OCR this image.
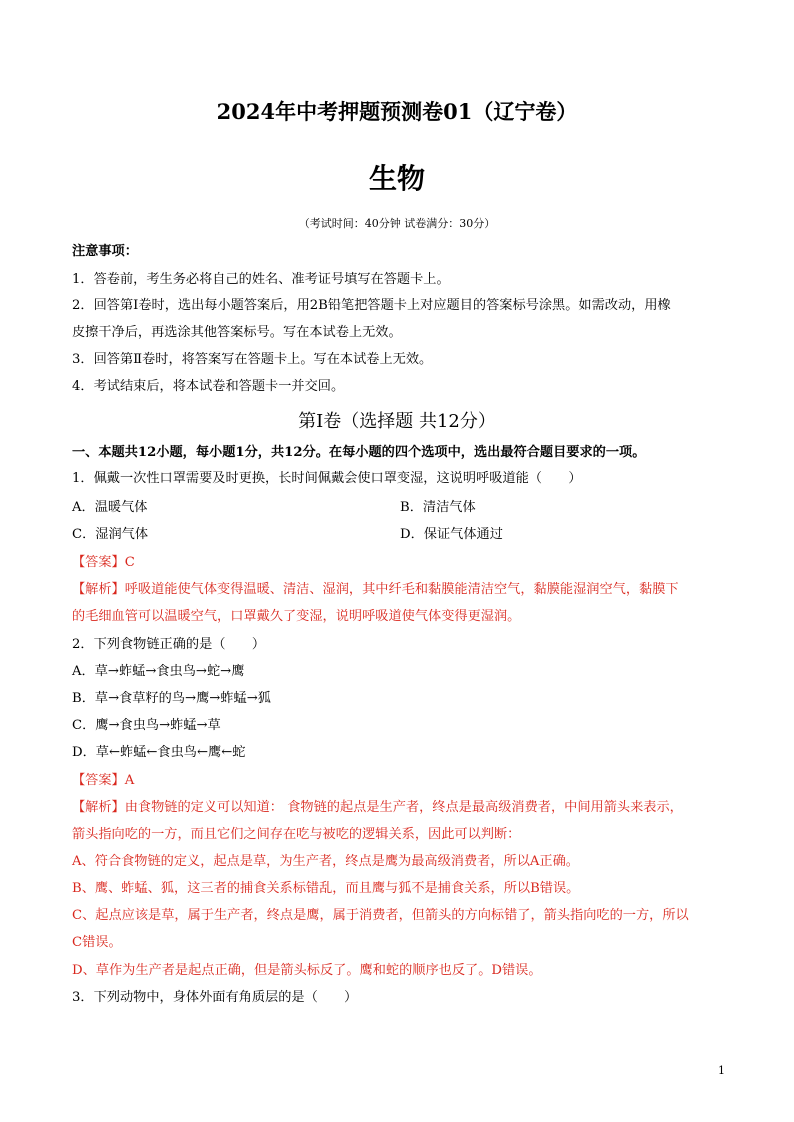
2024年中考押题预测卷01（辽宁卷）
生物
（考试时间：40分钟 试卷满分：30分）
注意事项：
1．答卷前，考生务必将自己的姓名、准考证号填写在答题卡上。
2．回答第Ⅰ卷时，选出每小题答案后，用2B铅笔把答题卡上对应题目的答案标号涂黑。如需改动，用橡
皮擦干净后，再选涂其他答案标号。写在本试卷上无效。
3．回答第Ⅱ卷时，将答案写在答题卡上。写在本试卷上无效。
4．考试结束后，将本试卷和答题卡一并交回。
第Ⅰ卷（选择题 共12分）
一、本题共12小题，每小题1分，共12分。在每小题的四个选项中，选出最符合题目要求的一项。
1．佩戴一次性口罩需要及时更换，长时间佩戴会使口罩变湿，这说明呼吸道能（　　）
A．温暖气体	B．清洁气体
C．湿润气体	D．保证气体通过
【答案】C
【解析】呼吸道能使气体变得温暖、清洁、湿润，其中纤毛和黏膜能清洁空气，黏膜能湿润空气，黏膜下
的毛细血管可以温暖空气，口罩戴久了变湿，说明呼吸道使气体变得更湿润。
2．下列食物链正确的是（　　）
A．草→蚱蜢→食虫鸟→蛇→鹰
B．草→食草籽的鸟→鹰→蚱蜢→狐
C．鹰→食虫鸟→蚱蜢→草
D．草←蚱蜢←食虫鸟←鹰←蛇
【答案】A
【解析】由食物链的定义可以知道： 食物链的起点是生产者，终点是最高级消费者，中间用箭头来表示，
箭头指向吃的一方，而且它们之间存在吃与被吃的逻辑关系，因此可以判断：
A、符合食物链的定义，起点是草，为生产者，终点是鹰为最高级消费者，所以A正确。
B、鹰、蚱蜢、狐，这三者的捕食关系标错乱，而且鹰与狐不是捕食关系，所以B错误。
C、起点应该是草，属于生产者，终点是鹰，属于消费者，但箭头的方向标错了，箭头指向吃的一方，所以
C错误。
D、草作为生产者是起点正确，但是箭头标反了。鹰和蛇的顺序也反了。D错误。
3．下列动物中，身体外面有角质层的是（　　）
1
